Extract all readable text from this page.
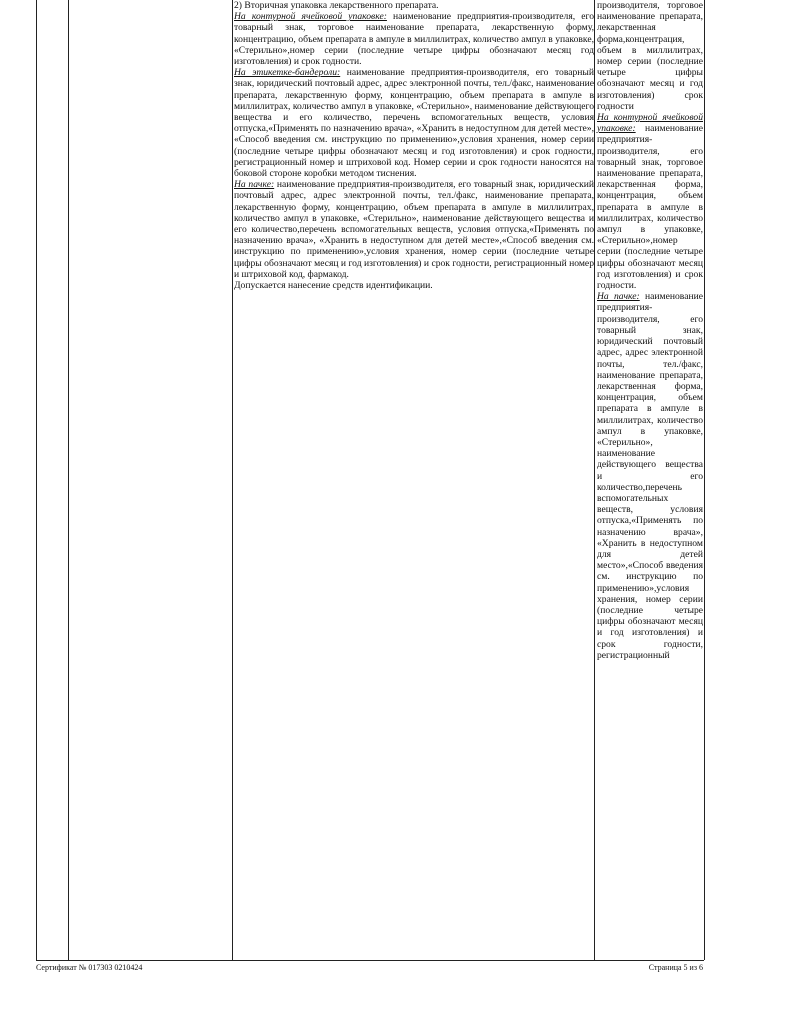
2) Вторичная упаковка лекарственного препарата.

На контурной ячейковой упаковке: наименование предприятия-производителя, его товарный знак, торговое наименование препарата, лекарственную форму, концентрацию, объем препарата в ампуле в миллилитрах, количество ампул в упаковке, «Стерильно»,номер серии (последние четыре цифры обозначают месяц год изготовления) и срок годности.

На этикетке-бандероли: наименование предприятия-производителя, его товарный знак, юридический почтовый адрес, адрес электронной почты, тел./факс, наименование препарата, лекарственную форму, концентрацию, объем препарата в ампуле в миллилитрах, количество ампул в упаковке, «Стерильно», наименование действующего вещества и его количество, перечень вспомогательных веществ, условия отпуска,«Применять по назначению врача», «Хранить в недоступном для детей месте», «Способ введения см. инструкцию по применению»,условия хранения, номер серии (последние четыре цифры обозначают месяц и год изготовления) и срок годности, регистрационный номер и штриховой код. Номер серии и срок годности наносятся на боковой стороне коробки методом тиснения.

На пачке: наименование предприятия-производителя, его товарный знак, юридический почтовый адрес, адрес электронной почты, тел./факс, наименование препарата, лекарственную форму, концентрацию, объем препарата в ампуле в миллилитрах, количество ампул в упаковке, «Стерильно», наименование действующего вещества и его количество,перечень вспомогательных веществ, условия отпуска,«Применять по назначению врача», «Хранить в недоступном для детей месте»,«Способ введения см. инструкцию по применению»,условия хранения, номер серии (последние четыре цифры обозначают месяц и год изготовления) и срок годности, регистрационный номер и штриховой код, фармакод.

Допускается нанесение средств идентификации.

производителя, торговое наименование препарата, лекарственная форма,концентрация, объем в миллилитрах, номер серии (последние четыре цифры обозначают месяц и год изготовления) срок годности

На контурной ячейковой упаковке: наименование предприятия-производителя, его товарный знак, торговое наименование препарата, лекарственная форма, концентрация, объем препарата в ампуле в миллилитрах, количество ампул в упаковке, «Стерильно»,номер серии (последние четыре цифры обозначают месяц год изготовления) и срок годности.

На пачке: наименование предприятия-производителя, его товарный знак, юридический почтовый адрес, адрес электронной почты, тел./факс, наименование препарата, лекарственная форма, концентрация, объем препарата в ампуле в миллилитрах, количество ампул в упаковке, «Стерильно», наименование действующего вещества и его количество,перечень вспомогательных веществ, условия отпуска,«Применять по назначению врача», «Хранить в недоступном для детей место»,«Способ введения см. инструкцию по применению»,условия хранения, номер серии (последние четыре цифры обозначают месяц и год изготовления) и срок годности, регистрационный

Сертификат № 017303 0210424	Страница 5 из 6
